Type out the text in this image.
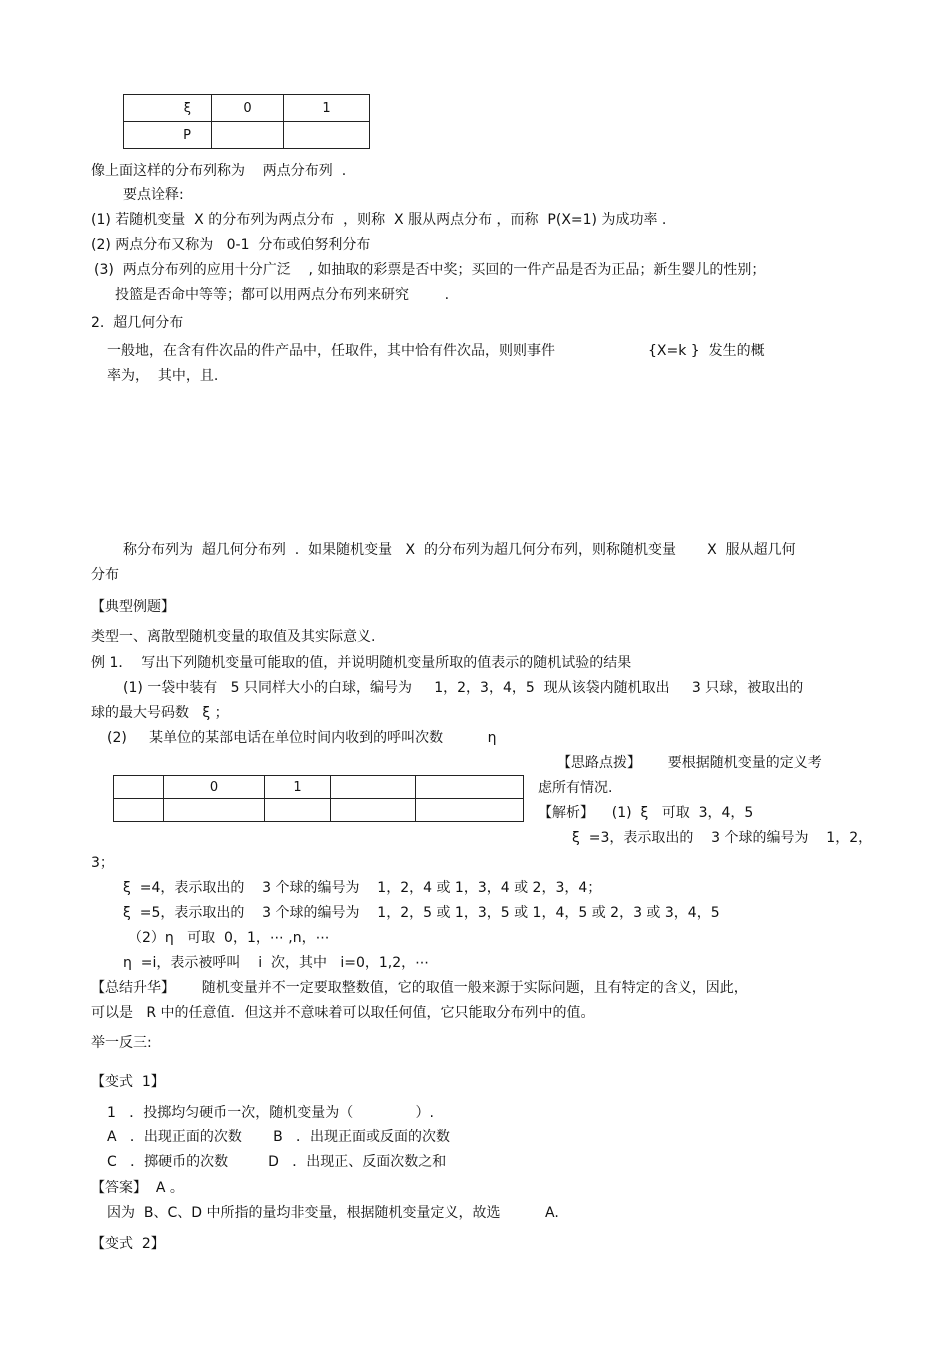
ξ	0	1
P		
像上面这样的分布列称为    两点分布列  .
要点诠释:
(1) 若随机变量  X 的分布列为两点分布  ，则称  X 服从两点分布 ，而称  P(X=1) 为成功率 .
(2) 两点分布又称为   0-1  分布或伯努利分布
(3)  两点分布列的应用十分广泛    , 如抽取的彩票是否中奖；买回的一件产品是否为正品；新生婴儿的性别；
投篮是否命中等等；都可以用两点分布列来研究        .
2.  超几何分布
一般地，在含有件次品的件产品中，任取件，其中恰有件次品，则则事件	{X=k }  发生的概
率为，  其中，且.
称分布列为  超几何分布列  .  如果随机变量   X  的分布列为超几何分布列，则称随机变量       X  服从超几何
分布
【典型例题】
类型一、离散型随机变量的取值及其实际意义.
例 1．  写出下列随机变量可能取的值，并说明随机变量所取的值表示的随机试验的结果
(1) 一袋中装有   5 只同样大小的白球，编号为     1，2，3，4，5  现从该袋内随机取出     3 只球，被取出的
球的最大号码数   ξ ；
(2)     某单位的某部电话在单位时间内收到的呼叫次数          η
【思路点拨】      要根据随机变量的定义考
	0	1		
					虑所有情况.
【解析】    (1)  ξ   可取  3，4，5
ξ  =3，表示取出的    3 个球的编号为    1，2，
3；
ξ  =4，表示取出的    3 个球的编号为    1，2，4 或 1，3，4 或 2，3，4；
ξ  =5，表示取出的    3 个球的编号为    1，2，5 或 1，3，5 或 1，4，5 或 2，3 或 3，4，5
（2）η   可取  0，1，⋯ ,n，⋯
η  =i，表示被呼叫    i  次，其中   i=0，1,2，⋯
【总结升华】      随机变量并不一定要取整数值，它的取值一般来源于实际问题，且有特定的含义，因此，
可以是   R 中的任意值．但这并不意味着可以取任何值，它只能取分布列中的值。
举一反三:
【变式  1】
1   ．投掷均匀硬币一次，随机变量为（              ）.
A   ．出现正面的次数       B   ．出现正面或反面的次数
C   ．掷硬币的次数         D   ．出现正、反面次数之和
【答案】  A 。
因为  B、C、D 中所指的量均非变量，根据随机变量定义，故选          A.
【变式  2】
